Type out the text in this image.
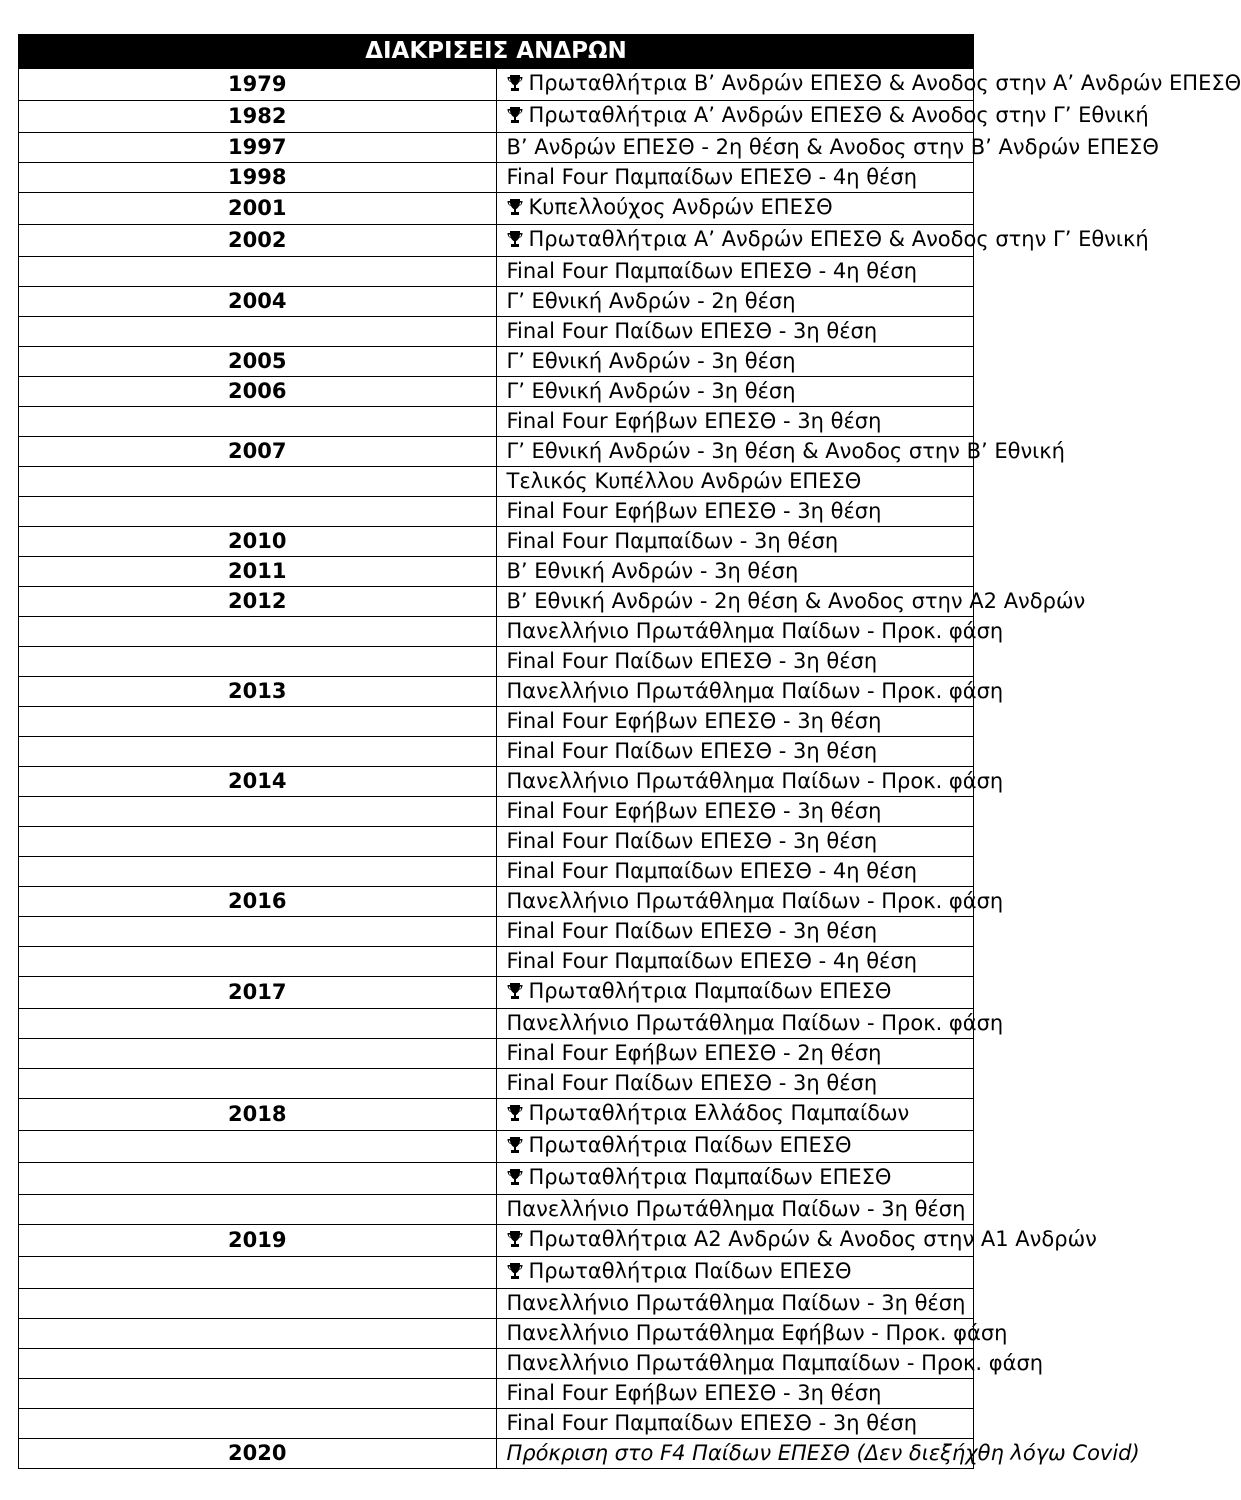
ΔΙΑΚΡΙΣΕΙΣ ΑΝΔΡΩΝ	
1979	Πρωταθλήτρια Β’ Ανδρών ΕΠΕΣΘ & Ανοδος στην Α’ Ανδρών ΕΠΕΣΘ
1982	Πρωταθλήτρια Α’ Ανδρών ΕΠΕΣΘ & Ανοδος στην Γ’ Εθνική
1997	Β’ Ανδρών ΕΠΕΣΘ - 2η θέση & Ανοδος στην Β’ Ανδρών ΕΠΕΣΘ
1998	Final Four Παμπαίδων ΕΠΕΣΘ - 4η θέση
2001	Κυπελλούχος Ανδρών ΕΠΕΣΘ
2002	Πρωταθλήτρια Α’ Ανδρών ΕΠΕΣΘ & Ανοδος στην Γ’ Εθνική
	Final Four Παμπαίδων ΕΠΕΣΘ - 4η θέση
2004	Γ’ Εθνική Ανδρών - 2η θέση
	Final Four Παίδων ΕΠΕΣΘ - 3η θέση
2005	Γ’ Εθνική Ανδρών - 3η θέση
2006	Γ’ Εθνική Ανδρών - 3η θέση
	Final Four Εφήβων ΕΠΕΣΘ - 3η θέση
2007	Γ’ Εθνική Ανδρών - 3η θέση & Ανοδος στην Β’ Εθνική
	Τελικός Κυπέλλου Ανδρών ΕΠΕΣΘ
	Final Four Εφήβων ΕΠΕΣΘ - 3η θέση
2010	Final Four Παμπαίδων - 3η θέση
2011	Β’ Εθνική Ανδρών - 3η θέση
2012	Β’ Εθνική Ανδρών - 2η θέση & Ανοδος στην Α2 Ανδρών
	Πανελλήνιο Πρωτάθλημα Παίδων - Προκ. φάση
	Final Four Παίδων ΕΠΕΣΘ - 3η θέση
2013	Πανελλήνιο Πρωτάθλημα Παίδων - Προκ. φάση
	Final Four Εφήβων ΕΠΕΣΘ - 3η θέση
	Final Four Παίδων ΕΠΕΣΘ - 3η θέση
2014	Πανελλήνιο Πρωτάθλημα Παίδων - Προκ. φάση
	Final Four Εφήβων ΕΠΕΣΘ - 3η θέση
	Final Four Παίδων ΕΠΕΣΘ - 3η θέση
	Final Four Παμπαίδων ΕΠΕΣΘ - 4η θέση
2016	Πανελλήνιο Πρωτάθλημα Παίδων - Προκ. φάση
	Final Four Παίδων ΕΠΕΣΘ - 3η θέση
	Final Four Παμπαίδων ΕΠΕΣΘ - 4η θέση
2017	Πρωταθλήτρια Παμπαίδων ΕΠΕΣΘ
	Πανελλήνιο Πρωτάθλημα Παίδων - Προκ. φάση
	Final Four Εφήβων ΕΠΕΣΘ - 2η θέση
	Final Four Παίδων ΕΠΕΣΘ - 3η θέση
2018	Πρωταθλήτρια Ελλάδος Παμπαίδων
	Πρωταθλήτρια Παίδων ΕΠΕΣΘ
	Πρωταθλήτρια Παμπαίδων ΕΠΕΣΘ
	Πανελλήνιο Πρωτάθλημα Παίδων - 3η θέση
2019	Πρωταθλήτρια Α2 Ανδρών & Ανοδος στην Α1 Ανδρών
	Πρωταθλήτρια Παίδων ΕΠΕΣΘ
	Πανελλήνιο Πρωτάθλημα Παίδων - 3η θέση
	Πανελλήνιο Πρωτάθλημα Εφήβων - Προκ. φάση
	Πανελλήνιο Πρωτάθλημα Παμπαίδων - Προκ. φάση
	Final Four Εφήβων ΕΠΕΣΘ - 3η θέση
	Final Four Παμπαίδων ΕΠΕΣΘ - 3η θέση
2020	Πρόκριση στο F4 Παίδων ΕΠΕΣΘ (Δεν διεξήχθη λόγω Covid)
